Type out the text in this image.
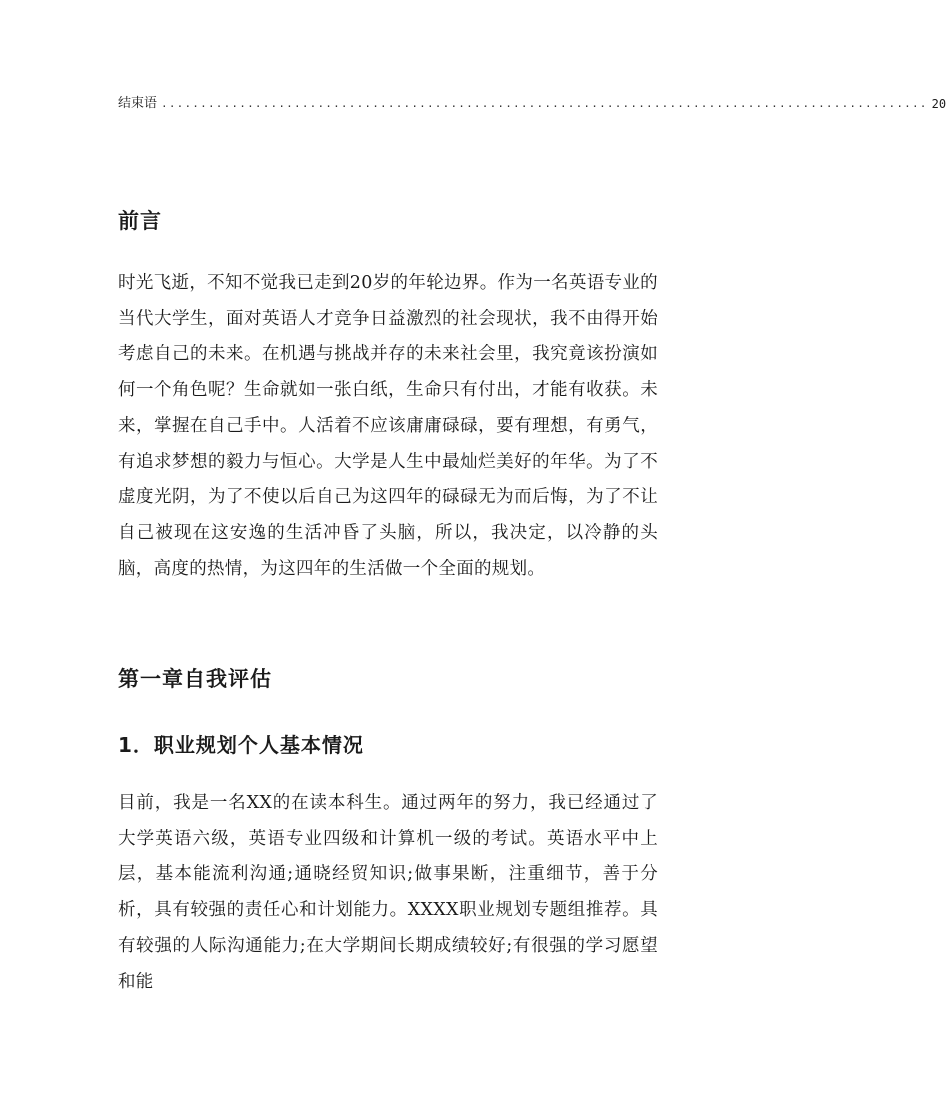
结束语 .................................................................................................. 20
前言

时光飞逝，不知不觉我已走到20岁的年轮边界。作为一名英语专业的当代大学生，面对英语人才竞争日益激烈的社会现状，我不由得开始考虑自己的未来。在机遇与挑战并存的未来社会里，我究竟该扮演如何一个角色呢？生命就如一张白纸，生命只有付出，才能有收获。未来，掌握在自己手中。人活着不应该庸庸碌碌，要有理想，有勇气，有追求梦想的毅力与恒心。大学是人生中最灿烂美好的年华。为了不虚度光阴，为了不使以后自己为这四年的碌碌无为而后悔，为了不让自己被现在这安逸的生活冲昏了头脑，所以，我决定，以冷静的头脑，高度的热情，为这四年的生活做一个全面的规划。

第一章自我评估
1．职业规划个人基本情况

目前，我是一名XX的在读本科生。通过两年的努力，我已经通过了大学英语六级，英语专业四级和计算机一级的考试。英语水平中上层，基本能流利沟通;通晓经贸知识;做事果断，注重细节，善于分析，具有较强的责任心和计划能力。XXXX职业规划专题组推荐。具有较强的人际沟通能力;在大学期间长期成绩较好;有很强的学习愿望和能
